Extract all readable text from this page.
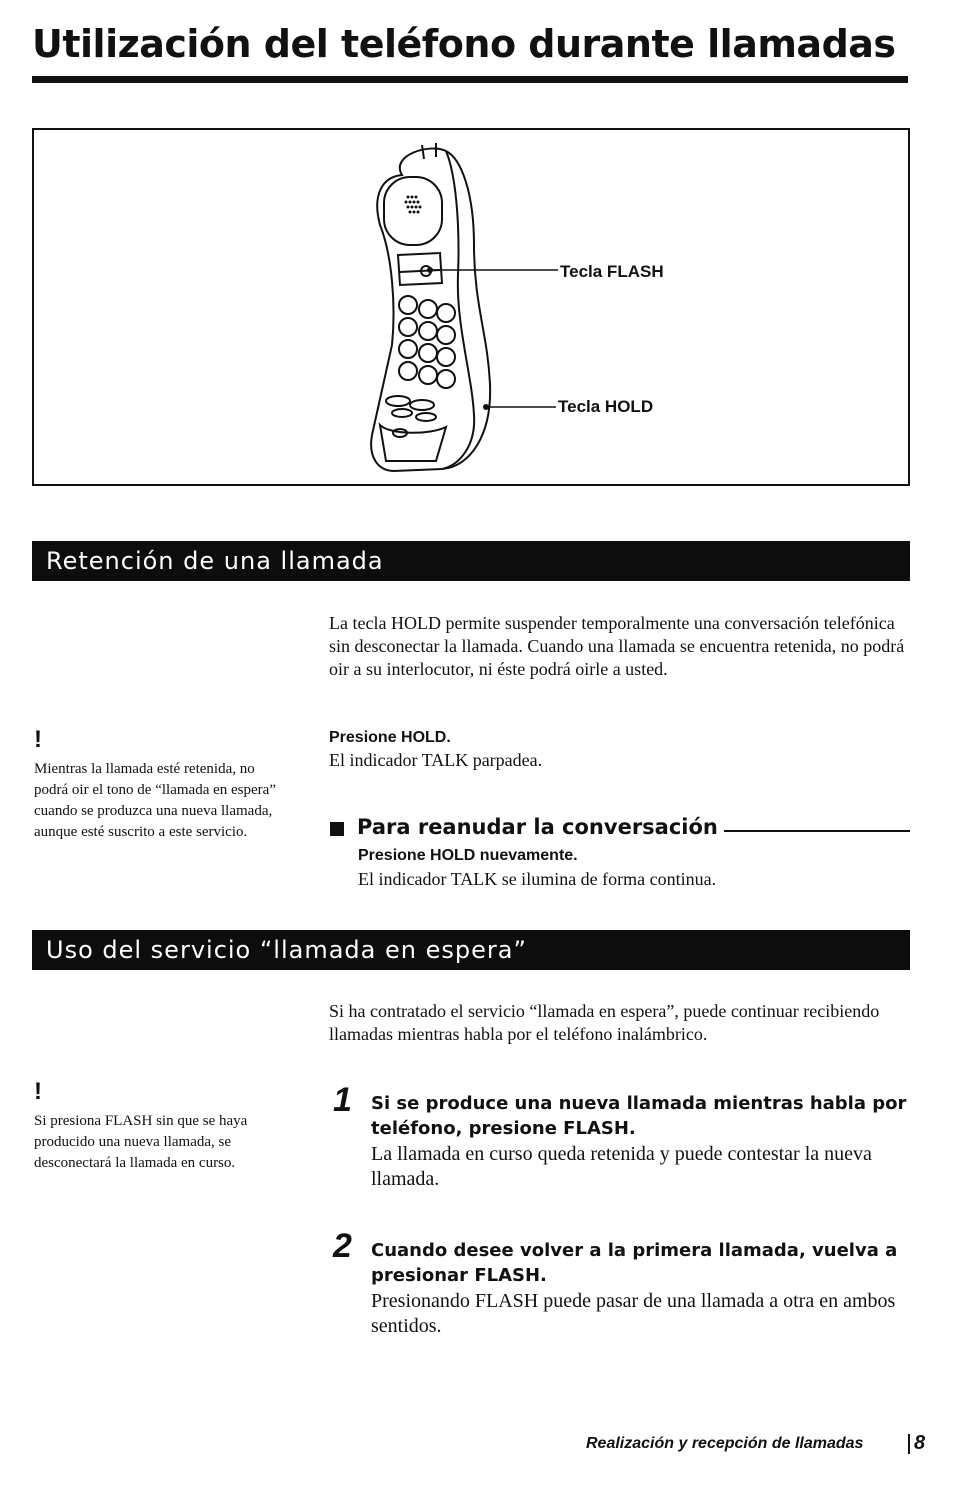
Utilización del teléfono durante llamadas
Tecla FLASH
Tecla HOLD
Retención de una llamada
La tecla HOLD permite suspender temporalmente una conversación telefónica sin desconectar la llamada. Cuando una llamada se encuentra retenida, no podrá oir a su interlocutor, ni éste podrá oirle a usted.
!
Mientras la llamada esté retenida, no podrá oir el tono de “llamada en espera” cuando se produzca una nueva llamada, aunque esté suscrito a este servicio.
Presione HOLD.
El indicador TALK parpadea.
Para reanudar la conversación
Presione HOLD nuevamente.
El indicador TALK se ilumina de forma continua.
Uso del servicio “llamada en espera”
Si ha contratado el servicio “llamada en espera”, puede continuar recibiendo llamadas mientras habla por el teléfono inalámbrico.
!
Si presiona FLASH sin que se haya producido una nueva llamada, se desconectará la llamada en curso.
1 Si se produce una nueva llamada mientras habla por teléfono, presione FLASH.
La llamada en curso queda retenida y puede contestar la nueva llamada.
2 Cuando desee volver a la primera llamada, vuelva a presionar FLASH.
Presionando FLASH puede pasar de una llamada a otra en ambos sentidos.
Realización y recepción de llamadas	8
